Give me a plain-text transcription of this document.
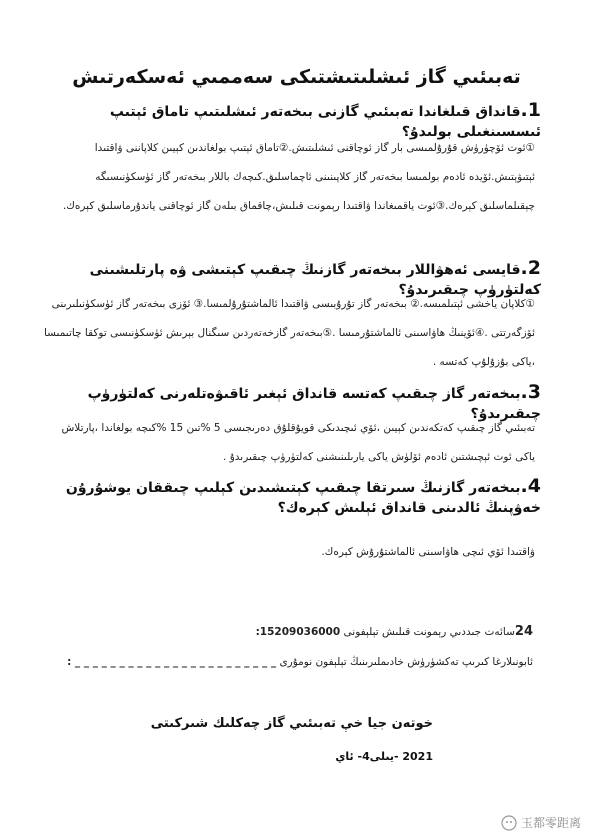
تەبىئىي گاز ئىشلىتىشتىكى سەممىي ئەسكەرتىش
1.قانداق قىلغاندا تەبىئىي گازنى بىخەتەر ئىشلىتىپ تاماق ئېتىپ ئىسسىنغىلى بولىدۇ؟
①ئوت ئۆچۈرۈش قۇرۇلمىسى بار گاز ئوچاقنى ئىشلىتىش.②تاماق ئېتىپ بولغاندىن كېيىن كلاپاننى ۋاقتىدا ئېتىۋېتىش.ئۆيدە ئادەم بولمىسا بىخەتەر گاز كلاپىنىنى ئاچماسلىق.كىچەك باللار بىخەتەر گاز ئۈسكۈنىسىگە چېقىلماسلىق كېرەك.③ئوت ياقمىغاندا ۋاقتىدا رېمونت قىلىش،چاقماق بىلەن گاز ئوچاقنى ياندۇرماسلىق كېرەك.
2.قايسى ئەھۋاللار بىخەتەر گازنىڭ چىقىپ كېتىشى ۋە پارتلىشىنى كەلتۈرۈپ چىقىرىدۇ؟
①كلاپان ياخشى ئېتىلمىسە.② بىخەتەر گاز تۇرۇبىسى ۋاقتىدا ئالماشتۇرۇلمىسا.③ ئۆزى بىخەتەر گاز ئۈسكۈنىلىرىنى ئۆزگەرتتى .④ئۆينىڭ ھاۋاسىنى ئالماشتۇرمىسا .⑤بىخەتەر گازخەتەردىن سىگنال بېرىش ئۈسكۈنىسى توكقا چاتىمىسا ،ياكى بۇزۇلۇپ كەتسە .
3.بىخەتەر گاز چىقىپ كەتسە قانداق ئېغىر ئاقىۋەتلەرنى كەلتۈرۈپ چىقىرىدۇ؟
تەبىئىي گاز چىقىپ كەتكەندىن كېيىن ،ئۆي ئىچىدىكى قويۇقلۇق دەرىجىسى 5 %تىن 15 %كىچە بولغاندا ،پارتلاش ياكى ئوت ئېچىشتىن ئادەم ئۆلۈش ياكى يارىلىنىشنى كەلتۈرۈپ چىقىرىدۇ .
4.بىخەتەر گازنىڭ سىرتقا چىقىپ كېتىشىدىن كېلىپ چىققان يوشۇرۇن خەۋپنىڭ ئالدىنى قانداق ئېلىش كېرەك؟
ۋاقتىدا ئۆي ئىچى ھاۋاسىنى ئالماشتۇرۇش كېرەك.
24سائەت جىددىي رېمونت قىلىش تېلېفونى 15209036000:
ئابونىلارغا كىرىپ تەكشۈرۈش خادىملىرىنىڭ تېلېفون نومۇرى _ _ _ _ _ _ _ _ _ _ _ _ _ _ _ _ _ _ _ _ _ _ _ :
خوتەن جيا خې تەبىئىي گاز چەكلىك شىركىتى
2021 -يىلى4- ئاي
玉都零距离
